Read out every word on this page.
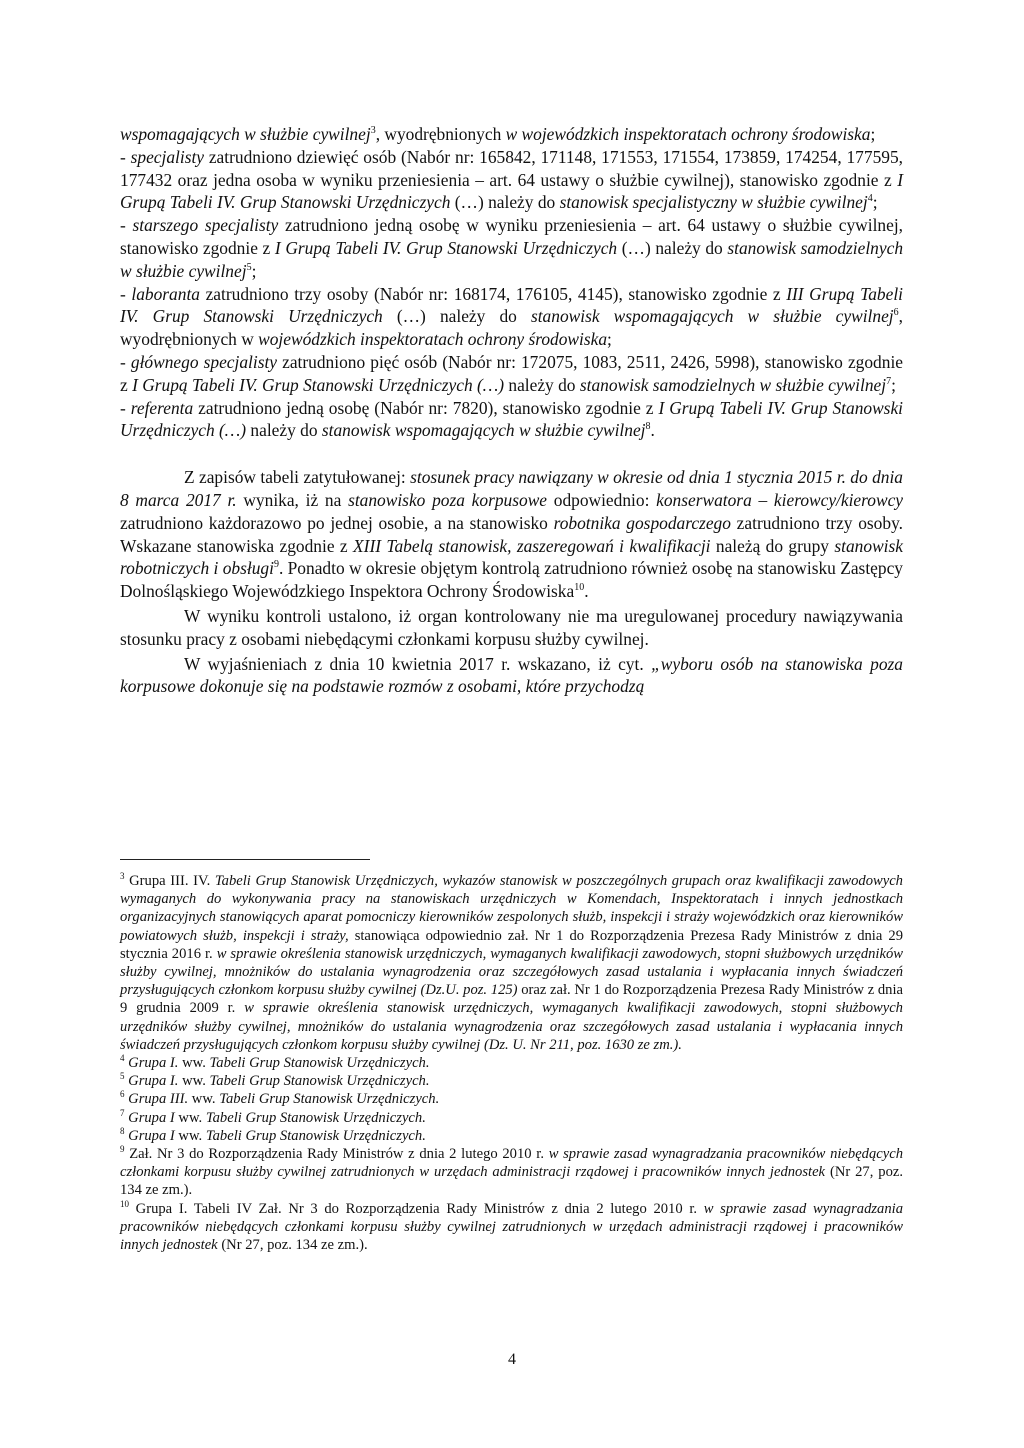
wspomagających w służbie cywilnej$^3$, wyodrębnionych w wojewódzkich inspektoratach ochrony środowiska;

- specjalisty zatrudniono dziewięć osób (Nabór nr: 165842, 171148, 171553, 171554, 173859, 174254, 177595, 177432 oraz jedna osoba w wyniku przeniesienia – art. 64 ustawy o służbie cywilnej), stanowisko zgodnie z I Grupą Tabeli IV. Grup Stanowski Urzędniczych (…) należy do stanowisk specjalistyczny w służbie cywilnej$^4$;

- starszego specjalisty zatrudniono jedną osobę w wyniku przeniesienia – art. 64 ustawy o służbie cywilnej, stanowisko zgodnie z I Grupą Tabeli IV. Grup Stanowski Urzędniczych (…) należy do stanowisk samodzielnych w służbie cywilnej$^5$;

- laboranta zatrudniono trzy osoby (Nabór nr: 168174, 176105, 4145), stanowisko zgodnie z III Grupą Tabeli IV. Grup Stanowski Urzędniczych (…) należy do stanowisk wspomagających w służbie cywilnej$^6$, wyodrębnionych w wojewódzkich inspektoratach ochrony środowiska;

- głównego specjalisty zatrudniono pięć osób (Nabór nr: 172075, 1083, 2511, 2426, 5998), stanowisko zgodnie z I Grupą Tabeli IV. Grup Stanowski Urzędniczych (…) należy do stanowisk samodzielnych w służbie cywilnej$^7$;

- referenta zatrudniono jedną osobę (Nabór nr: 7820), stanowisko zgodnie z I Grupą Tabeli IV. Grup Stanowski Urzędniczych (…) należy do stanowisk wspomagających w służbie cywilnej$^8$.

Z zapisów tabeli zatytułowanej: stosunek pracy nawiązany w okresie od dnia 1 stycznia 2015 r. do dnia 8 marca 2017 r. wynika, iż na stanowisko poza korpusowe odpowiednio: konserwatora – kierowcy/kierowcy zatrudniono każdorazowo po jednej osobie, a na stanowisko robotnika gospodarczego zatrudniono trzy osoby. Wskazane stanowiska zgodnie z XIII Tabelą stanowisk, zaszeregowań i kwalifikacji należą do grupy stanowisk robotniczych i obsługi$^9$. Ponadto w okresie objętym kontrolą zatrudniono również osobę na stanowisku Zastępcy Dolnośląskiego Wojewódzkiego Inspektora Ochrony Środowiska$^{10}$.

W wyniku kontroli ustalono, iż organ kontrolowany nie ma uregulowanej procedury nawiązywania stosunku pracy z osobami niebędącymi członkami korpusu służby cywilnej.

W wyjaśnieniach z dnia 10 kwietnia 2017 r. wskazano, iż cyt. „wyboru osób na stanowiska poza korpusowe dokonuje się na podstawie rozmów z osobami, które przychodzą

$^3$ Grupa III. IV. Tabeli Grup Stanowisk Urzędniczych, wykazów stanowisk w poszczególnych grupach oraz kwalifikacji zawodowych wymaganych do wykonywania pracy na stanowiskach urzędniczych w Komendach, Inspektoratach i innych jednostkach organizacyjnych stanowiących aparat pomocniczy kierowników zespolonych służb, inspekcji i straży wojewódzkich oraz kierowników powiatowych służb, inspekcji i straży, stanowiąca odpowiednio zał. Nr 1 do Rozporządzenia Prezesa Rady Ministrów z dnia 29 stycznia 2016 r. w sprawie określenia stanowisk urzędniczych, wymaganych kwalifikacji zawodowych, stopni służbowych urzędników służby cywilnej, mnożników do ustalania wynagrodzenia oraz szczegółowych zasad ustalania i wypłacania innych świadczeń przysługujących członkom korpusu służby cywilnej (Dz.U. poz. 125) oraz zał. Nr 1 do Rozporządzenia Prezesa Rady Ministrów z dnia 9 grudnia 2009 r. w sprawie określenia stanowisk urzędniczych, wymaganych kwalifikacji zawodowych, stopni służbowych urzędników służby cywilnej, mnożników do ustalania wynagrodzenia oraz szczegółowych zasad ustalania i wypłacania innych świadczeń przysługujących członkom korpusu służby cywilnej (Dz. U. Nr 211, poz. 1630 ze zm.).

$^4$ Grupa I. ww. Tabeli Grup Stanowisk Urzędniczych.

$^5$ Grupa I. ww. Tabeli Grup Stanowisk Urzędniczych.

$^6$ Grupa III. ww. Tabeli Grup Stanowisk Urzędniczych.

$^7$ Grupa I ww. Tabeli Grup Stanowisk Urzędniczych.

$^8$ Grupa I ww. Tabeli Grup Stanowisk Urzędniczych.

$^9$ Zał. Nr 3 do Rozporządzenia Rady Ministrów z dnia 2 lutego 2010 r. w sprawie zasad wynagradzania pracowników niebędących członkami korpusu służby cywilnej zatrudnionych w urzędach administracji rządowej i pracowników innych jednostek (Nr 27, poz. 134 ze zm.).

$^{10}$ Grupa I. Tabeli IV Zał. Nr 3 do Rozporządzenia Rady Ministrów z dnia 2 lutego 2010 r. w sprawie zasad wynagradzania pracowników niebędących członkami korpusu służby cywilnej zatrudnionych w urzędach administracji rządowej i pracowników innych jednostek (Nr 27, poz. 134 ze zm.).

4
